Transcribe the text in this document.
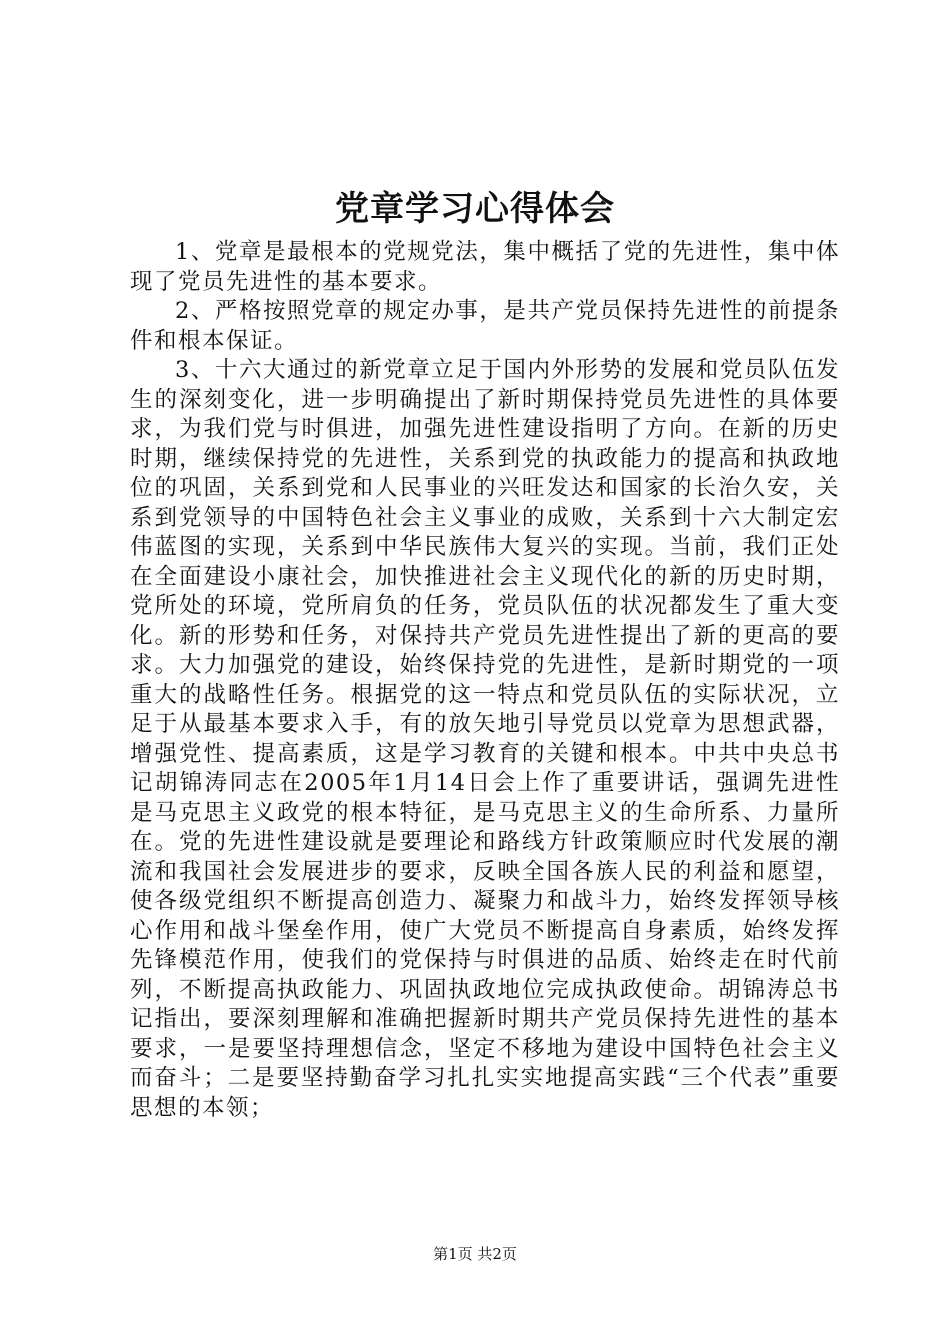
党章学习心得体会

1、党章是最根本的党规党法，集中概括了党的先进性，集中体现了党员先进性的基本要求。

2、严格按照党章的规定办事，是共产党员保持先进性的前提条件和根本保证。

3、十六大通过的新党章立足于国内外形势的发展和党员队伍发生的深刻变化，进一步明确提出了新时期保持党员先进性的具体要求，为我们党与时俱进，加强先进性建设指明了方向。在新的历史时期，继续保持党的先进性，关系到党的执政能力的提高和执政地位的巩固，关系到党和人民事业的兴旺发达和国家的长治久安，关系到党领导的中国特色社会主义事业的成败，关系到十六大制定宏伟蓝图的实现，关系到中华民族伟大复兴的实现。当前，我们正处在全面建设小康社会，加快推进社会主义现代化的新的历史时期，党所处的环境，党所肩负的任务，党员队伍的状况都发生了重大变化。新的形势和任务，对保持共产党员先进性提出了新的更高的要求。大力加强党的建设，始终保持党的先进性，是新时期党的一项重大的战略性任务。根据党的这一特点和党员队伍的实际状况，立足于从最基本要求入手，有的放矢地引导党员以党章为思想武器，增强党性、提高素质，这是学习教育的关键和根本。中共中央总书记胡锦涛同志在2005年1月14日会上作了重要讲话，强调先进性是马克思主义政党的根本特征，是马克思主义的生命所系、力量所在。党的先进性建设就是要理论和路线方针政策顺应时代发展的潮流和我国社会发展进步的要求，反映全国各族人民的利益和愿望，使各级党组织不断提高创造力、凝聚力和战斗力，始终发挥领导核心作用和战斗堡垒作用，使广大党员不断提高自身素质，始终发挥先锋模范作用，使我们的党保持与时俱进的品质、始终走在时代前列，不断提高执政能力、巩固执政地位完成执政使命。胡锦涛总书记指出，要深刻理解和准确把握新时期共产党员保持先进性的基本要求，一是要坚持理想信念，坚定不移地为建设中国特色社会主义而奋斗；二是要坚持勤奋学习扎扎实实地提高实践“三个代表”重要思想的本领；

第1页 共2页
